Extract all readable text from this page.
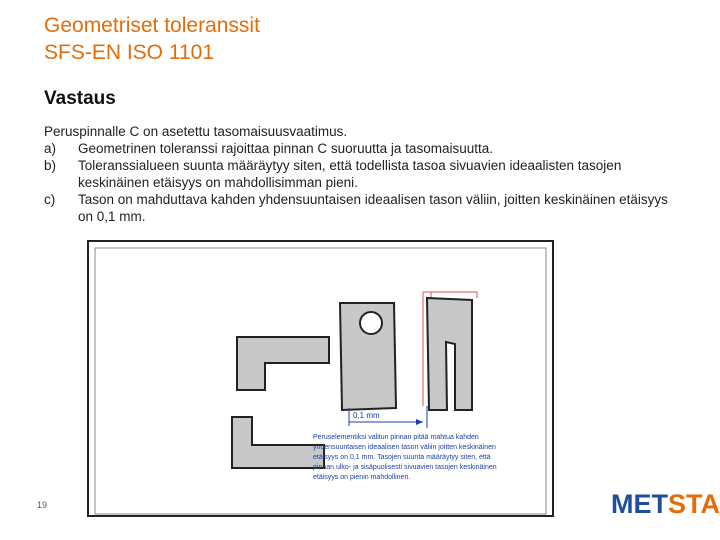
Geometriset toleranssit
SFS-EN ISO 1101
Vastaus
Peruspinnalle C on asetettu tasomaisuusvaatimus.
a)	Geometrinen toleranssi rajoittaa pinnan C suoruutta ja tasomaisuutta.
b)	Toleranssialueen suunta määräytyy siten, että todellista tasoa sivuavien ideaalisten tasojen keskinäinen etäisyys on mahdollisimman pieni.
c)	Tason on mahduttava kahden yhdensuuntaisen ideaalisen tason väliin, joitten keskinäinen etäisyys on 0,1 mm.
0,1 mm
Peruselementiksi valitun pinnan pitää mahtua kahden yhdensuuntaisen ideaalisen tason väliin joitten keskinäinen etäisyys on 0,1 mm. Tasojen suunta määräytyy siten, että pinnan ulko- ja sisäpuolisesti sivuavien tasojen keskinäinen etäisyys on pienin mahdollinen.
19	METSTA
